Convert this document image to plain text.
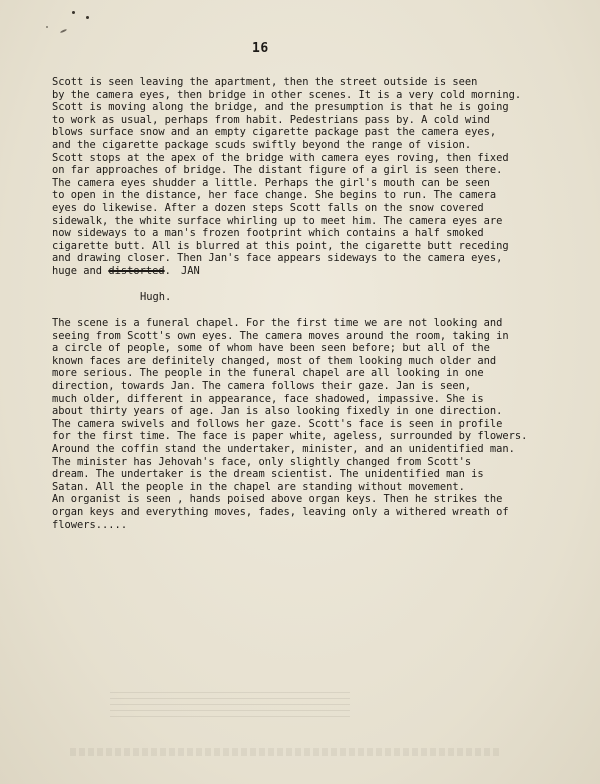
16
Scott is seen leaving the apartment, then the street outside is seen
by the camera eyes, then bridge in other scenes. It is a very cold morning.
Scott is moving along the bridge, and the presumption is that he is going
to work as usual, perhaps from habit. Pedestrians pass by. A cold wind
blows surface snow and an empty cigarette package past the camera eyes,
and the cigarette package scuds swiftly beyond the range of vision.
Scott stops at the apex of the bridge with camera eyes roving, then fixed
on far approaches of bridge. The distant figure of a girl is seen there.
The camera eyes shudder a little. Perhaps the girl's mouth can be seen
to open in the distance, her face change. She begins to run. The camera
eyes do likewise. After a dozen steps Scott falls on the snow covered
sidewalk, the white surface whirling up to meet him. The camera eyes are
now sideways to a man's frozen footprint which contains a half smoked
cigarette butt. All is blurred at this point, the cigarette butt receding
and drawing closer. Then Jan's face appears sideways to the camera eyes,
huge and distorted. JAN
Hugh.
The scene is a funeral chapel. For the first time we are not looking and
seeing from Scott's own eyes. The camera moves around the room, taking in
a circle of people, some of whom have been seen before; but all of the
known faces are definitely changed, most of them looking much older and
more serious. The people in the funeral chapel are all looking in one
direction, towards Jan. The camera follows their gaze. Jan is seen,
much older, different in appearance, face shadowed, impassive. She is
about thirty years of age. Jan is also looking fixedly in one direction.
The camera swivels and follows her gaze. Scott's face is seen in profile
for the first time. The face is paper white, ageless, surrounded by flowers.
Around the coffin stand the undertaker, minister, and an unidentified man.
The minister has Jehovah's face, only slightly changed from Scott's
dream. The undertaker is the dream scientist. The unidentified man is
Satan. All the people in the chapel are standing without movement.
An organist is seen , hands poised above organ keys. Then he strikes the
organ keys and everything moves, fades, leaving only a withered wreath of
flowers.....
